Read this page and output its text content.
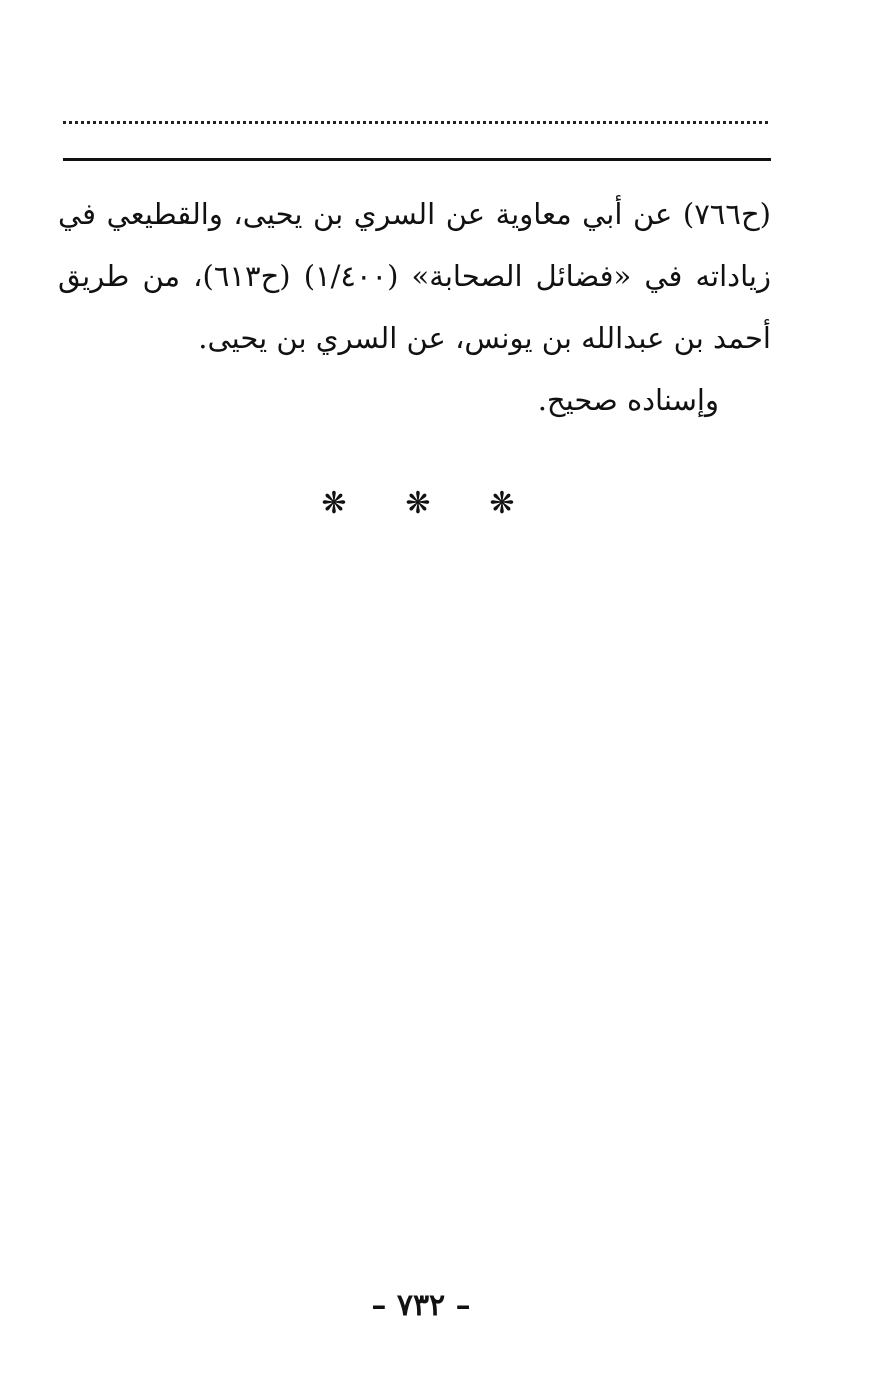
(ح٧٦٦) عن أبي معاوية عن السري بن يحيى، والقطيعي في
زياداته في «فضائل الصحابة» (١/٤٠٠) (ح٦١٣)، من طريق
أحمد بن عبدالله بن يونس، عن السري بن يحيى.
وإسناده صحيح.
❋ ❋ ❋
– ٧٣٢ –
